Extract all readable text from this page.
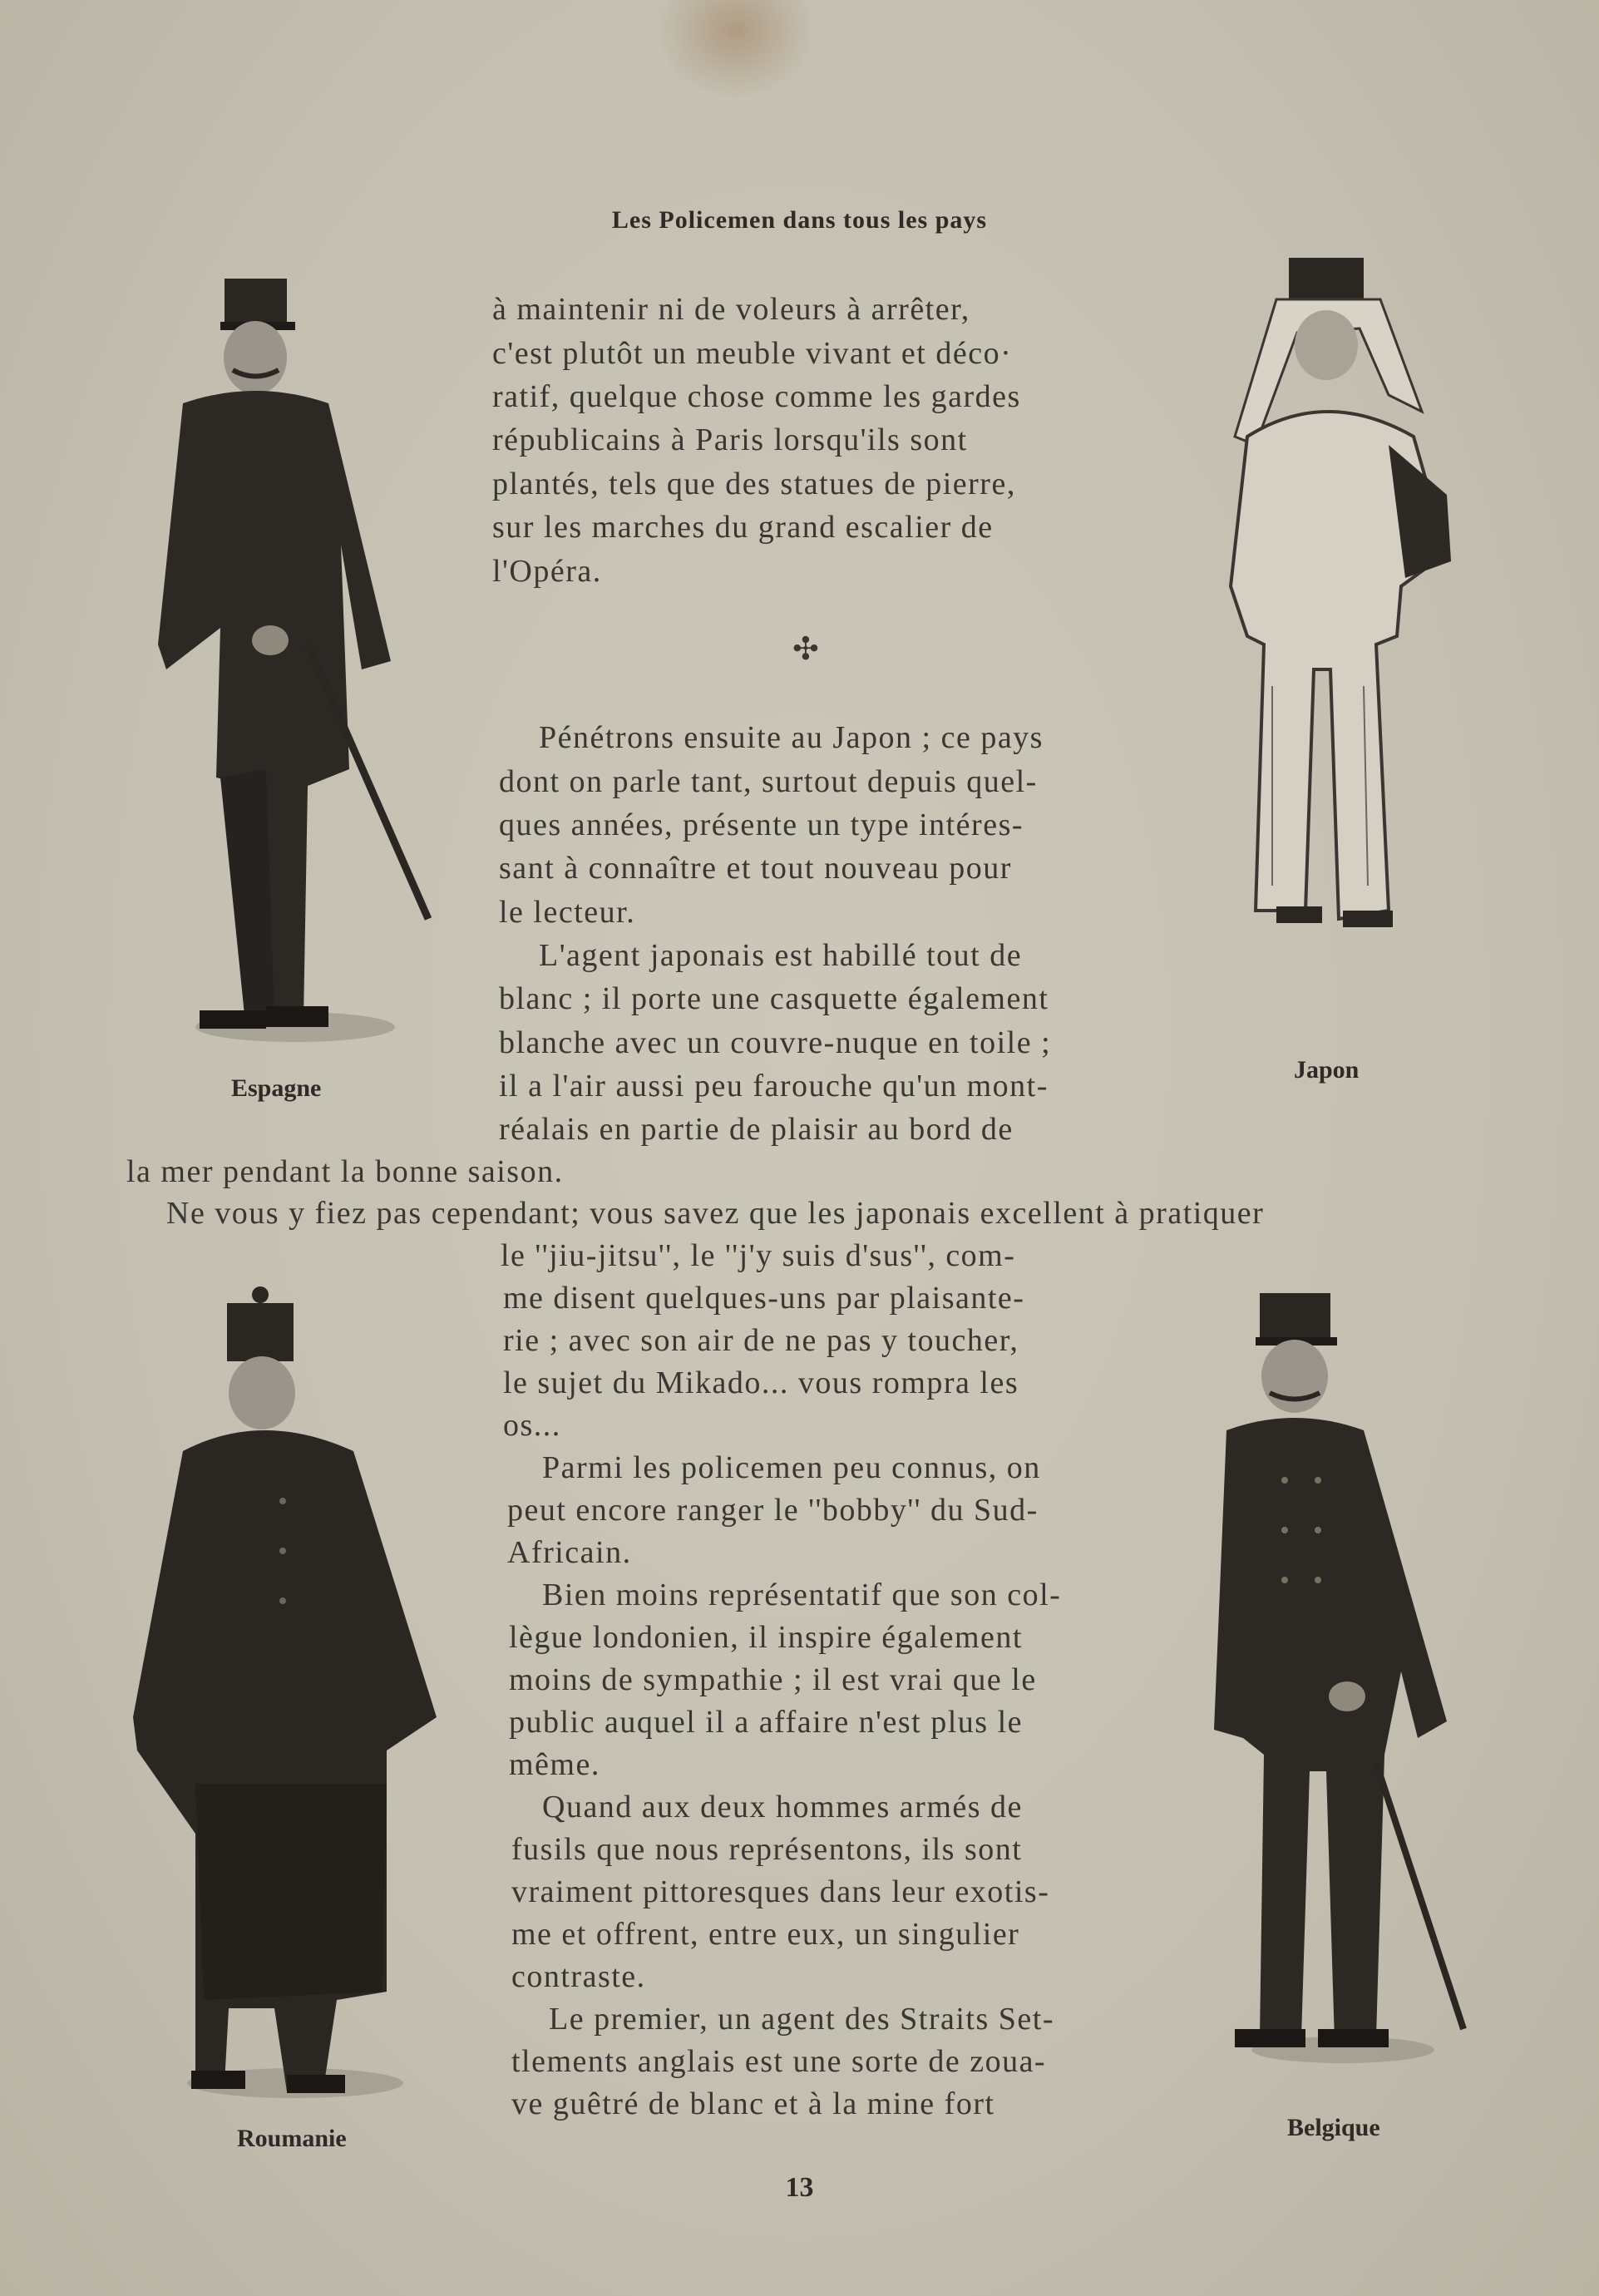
Les Policemen dans tous les pays
à maintenir ni de voleurs à arrêter,
c'est plutôt un meuble vivant et déco·
ratif, quelque chose comme les gardes
républicains à Paris lorsqu'ils sont
plantés, tels que des statues de pierre,
sur les marches du grand escalier de
l'Opéra.
✣
Pénétrons ensuite au Japon ; ce pays
dont on parle tant, surtout depuis quel-
ques années, présente un type intéres-
sant à connaître et tout nouveau pour
le lecteur.
L'agent japonais est habillé tout de
blanc ; il porte une casquette également
blanche avec un couvre-nuque en toile ;
il a l'air aussi peu farouche qu'un mont-
réalais en partie de plaisir au bord de
la mer pendant la bonne saison.
Ne vous y fiez pas cependant; vous savez que les japonais excellent à pratiquer
le ''jiu-jitsu'', le ''j'y suis d'sus'', com-
me disent quelques-uns par plaisante-
rie ; avec son air de ne pas y toucher,
le sujet du Mikado... vous rompra les
os...
Parmi les policemen peu connus, on
peut encore ranger le ''bobby'' du Sud-
Africain.
Bien moins représentatif que son col-
lègue londonien, il inspire également
moins de sympathie ; il est vrai que le
public auquel il a affaire n'est plus le
même.
Quand aux deux hommes armés de
fusils que nous représentons, ils sont
vraiment pittoresques dans leur exotis-
me et offrent, entre eux, un singulier
contraste.
Le premier, un agent des Straits Set-
tlements anglais est une sorte de zoua-
ve guêtré de blanc et à la mine fort
Espagne
Japon
Roumanie	Belgique
13
